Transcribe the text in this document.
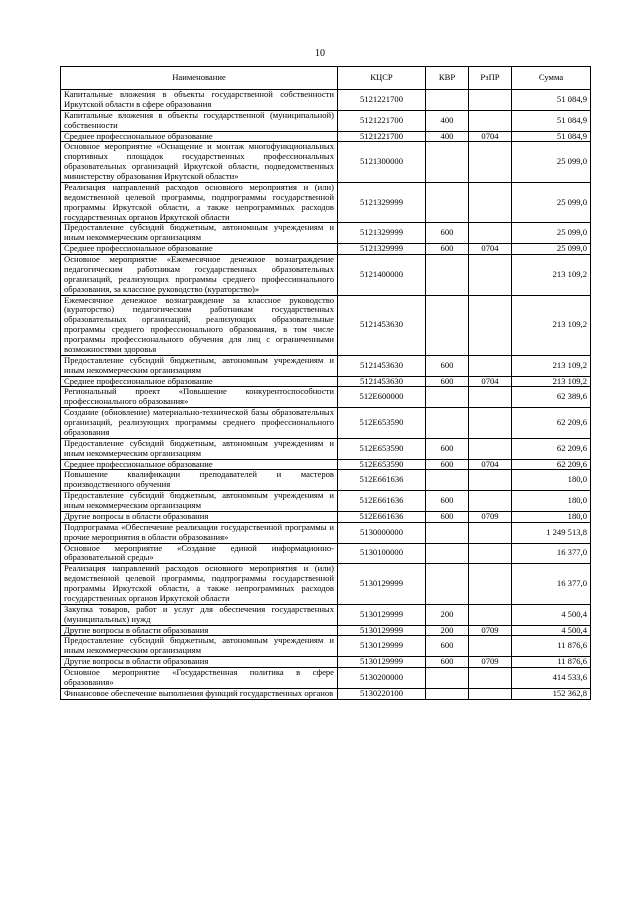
10
Наименование	КЦСР	КВР	РзПР	Сумма
Капитальные вложения в объекты государственной собственности Иркутской области в сфере образования	5121221700			51 084,9
Капитальные вложения в объекты государственной (муниципальной) собственности	5121221700	400		51 084,9
Среднее профессиональное образование	5121221700	400	0704	51 084,9
Основное мероприятие «Оснащение и монтаж многофункциональных спортивных площадок государственных профессиональных образовательных организаций Иркутской области, подведомственных министерству образования Иркутской области»	5121300000			25 099,0
Реализация направлений расходов основного мероприятия и (или) ведомственной целевой программы, подпрограммы государственной программы Иркутской области, а также непрограммных расходов государственных органов Иркутской области	5121329999			25 099,0
Предоставление субсидий бюджетным, автономным учреждениям и иным некоммерческим организациям	5121329999	600		25 099,0
Среднее профессиональное образование	5121329999	600	0704	25 099,0
Основное мероприятие «Ежемесячное денежное вознаграждение педагогическим работникам государственных образовательных организаций, реализующих программы среднего профессионального образования, за классное руководство (кураторство)»	5121400000			213 109,2
Ежемесячное денежное вознаграждение за классное руководство (кураторство) педагогическим работникам государственных образовательных организаций, реализующих образовательные программы среднего профессионального образования, в том числе программы профессионального обучения для лиц с ограниченными возможностями здоровья	5121453630			213 109,2
Предоставление субсидий бюджетным, автономным учреждениям и иным некоммерческим организациям	5121453630	600		213 109,2
Среднее профессиональное образование	5121453630	600	0704	213 109,2
Региональный проект «Повышение конкурентоспособности профессионального образования»	512E600000			62 389,6
Создание (обновление) материально-технической базы образовательных организаций, реализующих программы среднего профессионального образования	512E653590			62 209,6
Предоставление субсидий бюджетным, автономным учреждениям и иным некоммерческим организациям	512E653590	600		62 209,6
Среднее профессиональное образование	512E653590	600	0704	62 209,6
Повышение квалификации преподавателей и мастеров производственного обучения	512E661636			180,0
Предоставление субсидий бюджетным, автономным учреждениям и иным некоммерческим организациям	512E661636	600		180,0
Другие вопросы в области образования	512E661636	600	0709	180,0
Подпрограмма «Обеспечение реализации государственной программы и прочие мероприятия в области образования»	5130000000			1 249 513,8
Основное мероприятие «Создание единой информационно-образовательной среды»	5130100000			16 377,0
Реализация направлений расходов основного мероприятия и (или) ведомственной целевой программы, подпрограммы государственной программы Иркутской области, а также непрограммных расходов государственных органов Иркутской области	5130129999			16 377,0
Закупка товаров, работ и услуг для обеспечения государственных (муниципальных) нужд	5130129999	200		4 500,4
Другие вопросы в области образования	5130129999	200	0709	4 500,4
Предоставление субсидий бюджетным, автономным учреждениям и иным некоммерческим организациям	5130129999	600		11 876,6
Другие вопросы в области образования	5130129999	600	0709	11 876,6
Основное мероприятие «Государственная политика в сфере образования»	5130200000			414 533,6
Финансовое обеспечение выполнения функций государственных органов	5130220100			152 362,8
